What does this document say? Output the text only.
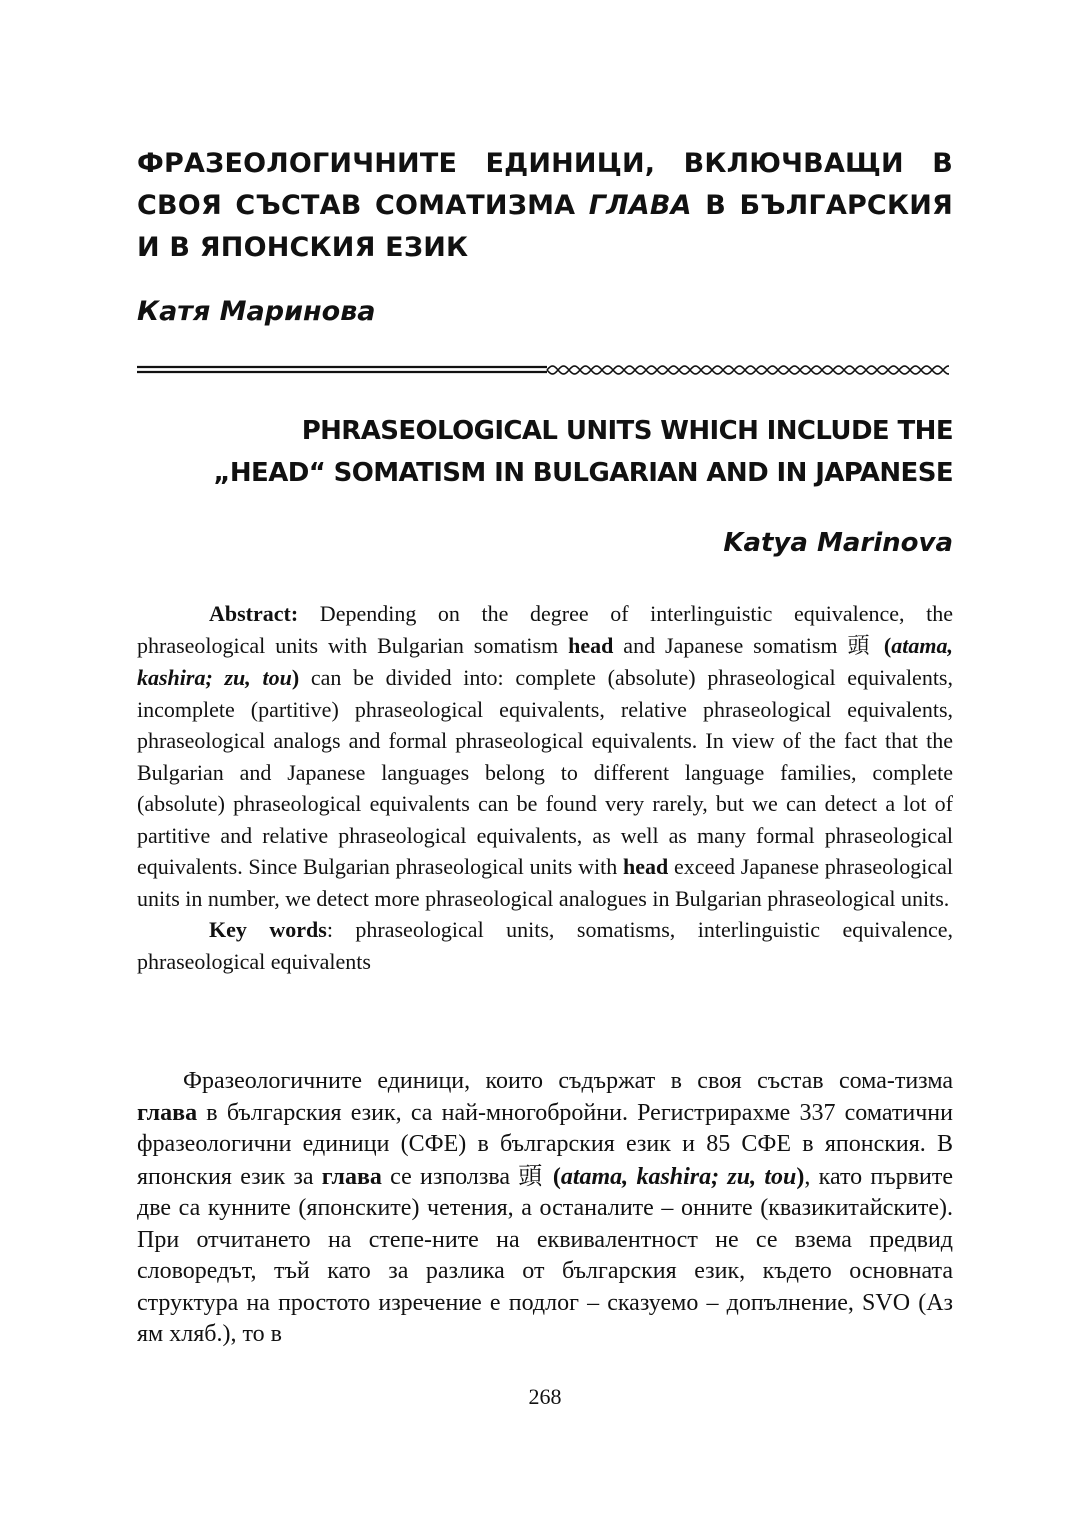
ФРАЗЕОЛОГИЧНИТЕ ЕДИНИЦИ, ВКЛЮЧВАЩИ В СВОЯ СЪСТАВ СОМАТИЗМА ГЛАВА В БЪЛГАРСКИЯ И В ЯПОНСКИЯ ЕЗИК
Катя Маринова
PHRASEOLOGICAL UNITS WHICH INCLUDE THE
„HEAD“ SOMATISM IN BULGARIAN AND IN JAPANESE
Katya Marinova

Abstract: Depending on the degree of interlinguistic equivalence, the phraseological units with Bulgarian somatism head and Japanese somatism 頭 (atama, kashira; zu, tou) can be divided into: complete (absolute) phraseological equivalents, incomplete (partitive) phraseological equivalents, relative phraseological equivalents, phraseological analogs and formal phraseological equivalents. In view of the fact that the Bulgarian and Japanese languages belong to different language families, complete (absolute) phraseological equivalents can be found very rarely, but we can detect a lot of partitive and relative phraseological equivalents, as well as many formal phraseological equivalents. Since Bulgarian phraseological units with head exceed Japanese phraseological units in number, we detect more phraseological analogues in Bulgarian phraseological units.

Key words: phraseological units, somatisms, interlinguistic equivalence, phraseological equivalents

Фразеологичните единици, които съдържат в своя състав сома-тизма глава в българския език, са най-многобройни. Регистрирахме 337 соматични фразеологични единици (СФЕ) в българския език и 85 СФЕ в японския. В японския език за глава се използва 頭 (atama, kashira; zu, tou), като първите две са кунните (японските) четения, а останалите – онните (квазикитайските). При отчитането на степе-ните на еквивалентност не се взема предвид словоредът, тъй като за разлика от българския език, където основната структура на простото изречение е подлог – сказуемо – допълнение, SVO (Аз ям хляб.), то в

268
